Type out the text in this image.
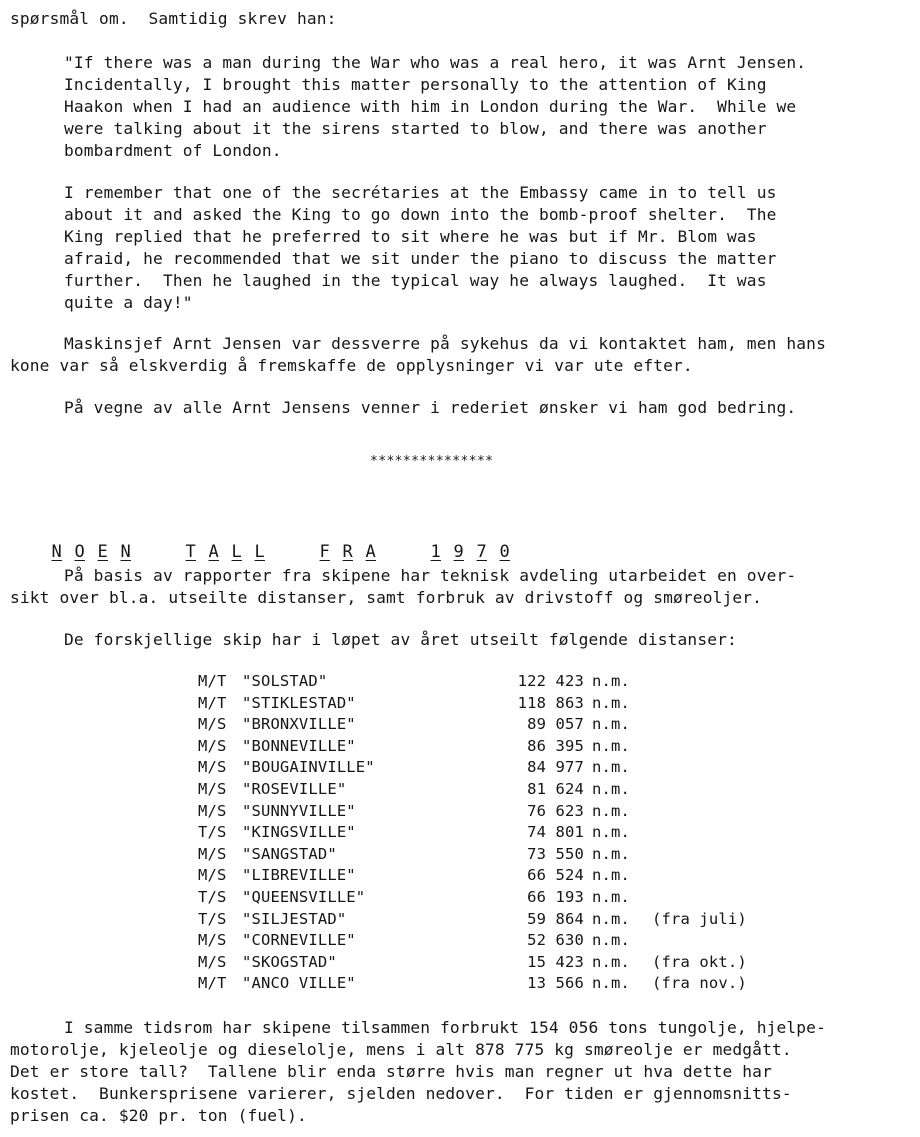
spørsmål om.  Samtidig skrev han:
"If there was a man during the War who was a real hero, it was Arnt Jensen.
Incidentally, I brought this matter personally to the attention of King
Haakon when I had an audience with him in London during the War.  While we
were talking about it the sirens started to blow, and there was another
bombardment of London.
I remember that one of the secrétaries at the Embassy came in to tell us
about it and asked the King to go down into the bomb-proof shelter.  The
King replied that he preferred to sit where he was but if Mr. Blom was
afraid, he recommended that we sit under the piano to discuss the matter
further.  Then he laughed in the typical way he always laughed.  It was
quite a day!"
Maskinsjef Arnt Jensen var dessverre på sykehus da vi kontaktet ham, men hans
kone var så elskverdig å fremskaffe de opplysninger vi var ute efter.
På vegne av alle Arnt Jensens venner i rederiet ønsker vi ham god bedring.
***************

N O E N	T A L L	F R A	1 9 7 0

På basis av rapporter fra skipene har teknisk avdeling utarbeidet en over-
sikt over bl.a. utseilte distanser, samt forbruk av drivstoff og smøreoljer.
De forskjellige skip har i løpet av året utseilt følgende distanser:
M/T	"SOLSTAD"	122 423	n.m.	
M/T	"STIKLESTAD"	118 863	n.m.	
M/S	"BRONXVILLE"	89 057	n.m.	
M/S	"BONNEVILLE"	86 395	n.m.	
M/S	"BOUGAINVILLE"	84 977	n.m.	
M/S	"ROSEVILLE"	81 624	n.m.	
M/S	"SUNNYVILLE"	76 623	n.m.	
T/S	"KINGSVILLE"	74 801	n.m.	
M/S	"SANGSTAD"	73 550	n.m.	
M/S	"LIBREVILLE"	66 524	n.m.	
T/S	"QUEENSVILLE"	66 193	n.m.	
T/S	"SILJESTAD"	59 864	n.m.	(fra juli)
M/S	"CORNEVILLE"	52 630	n.m.	
M/S	"SKOGSTAD"	15 423	n.m.	(fra okt.)
M/T	"ANCO VILLE"	13 566	n.m.	(fra nov.)
I samme tidsrom har skipene tilsammen forbrukt 154 056 tons tungolje, hjelpe-
motorolje, kjeleolje og dieselolje, mens i alt 878 775 kg smøreolje er medgått.
Det er store tall?  Tallene blir enda større hvis man regner ut hva dette har
kostet.  Bunkersprisene varierer, sjelden nedover.  For tiden er gjennomsnitts-
prisen ca. $20 pr. ton (fuel).
